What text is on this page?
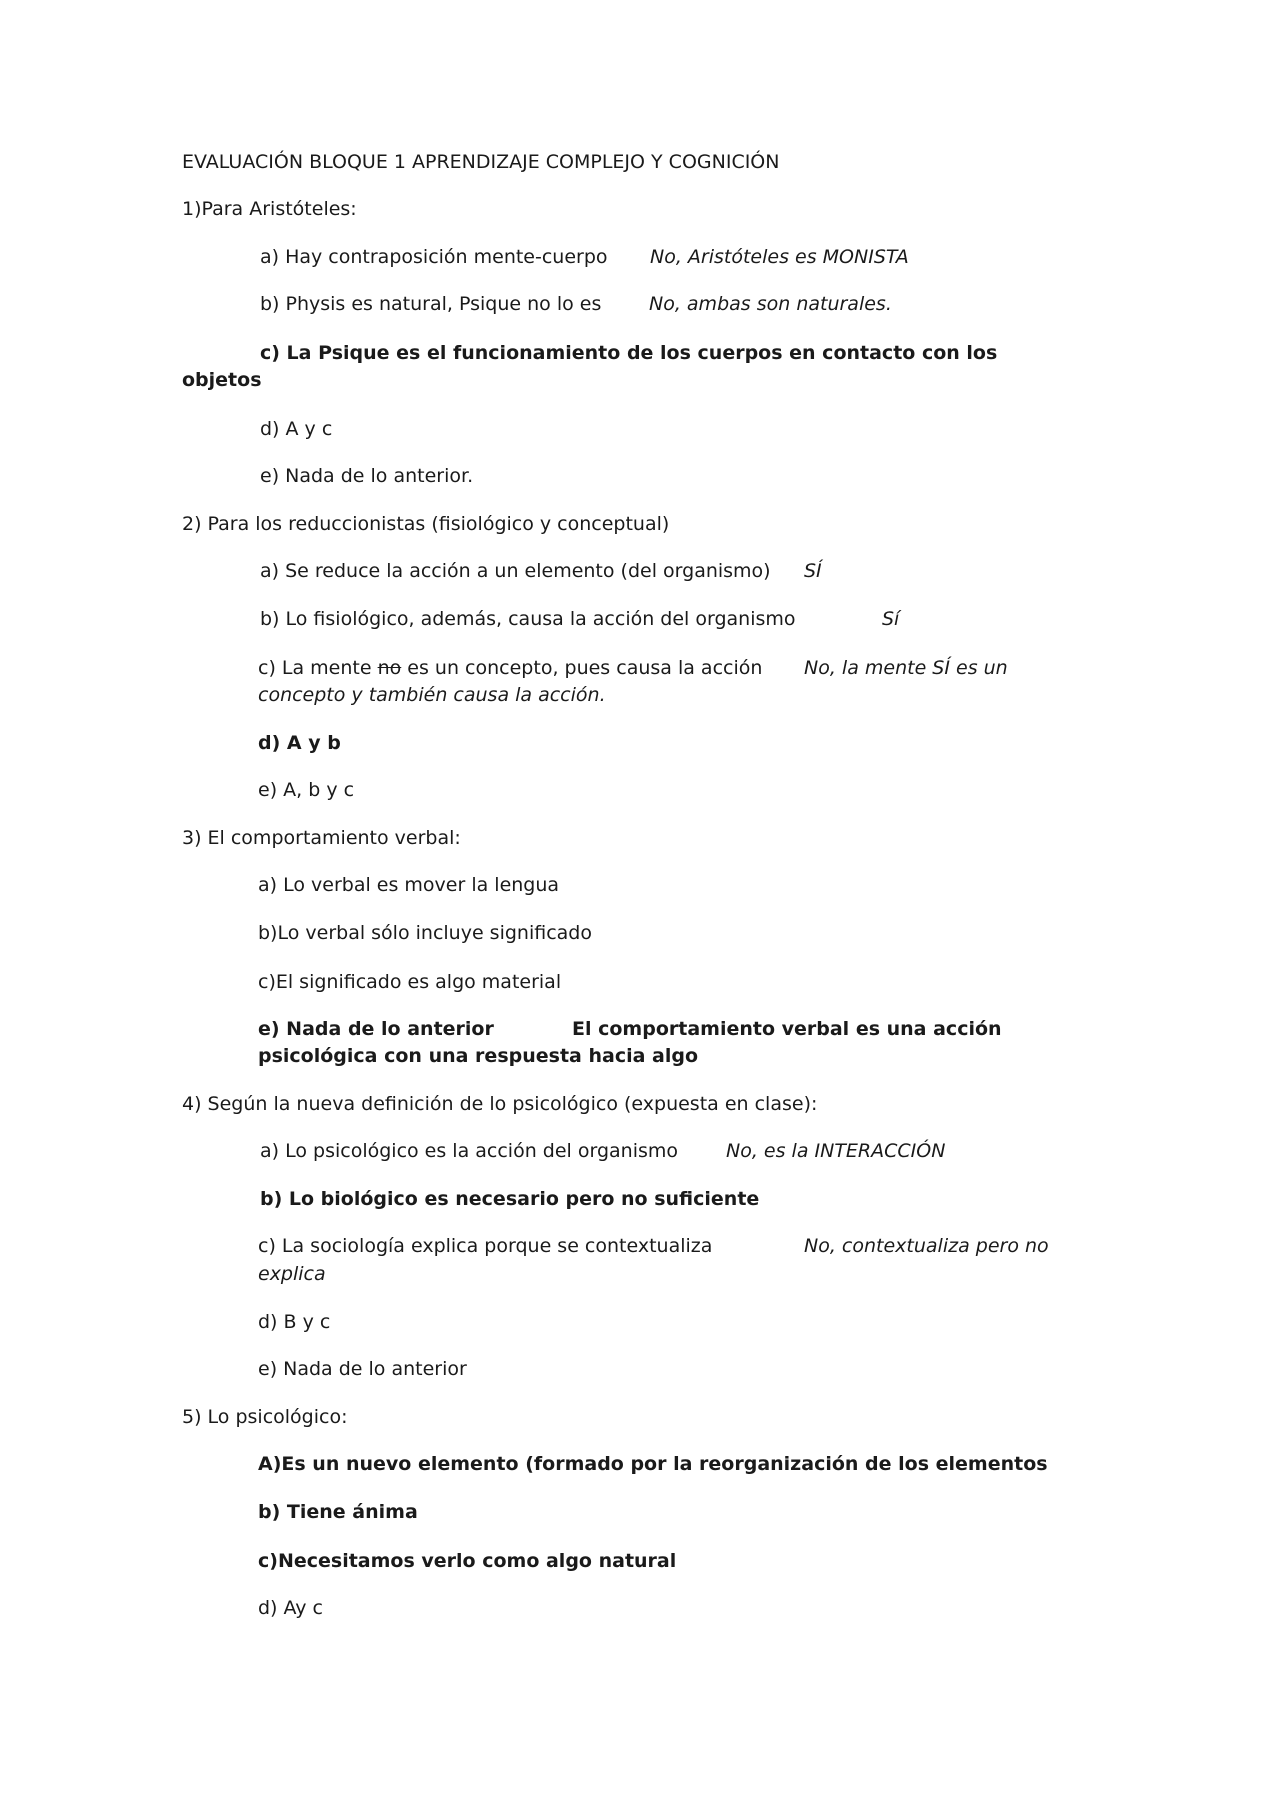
EVALUACIÓN BLOQUE 1 APRENDIZAJE COMPLEJO Y COGNICIÓN
1)Para Aristóteles:
a) Hay contraposición mente-cuerpo No, Aristóteles es MONISTA
b) Physis es natural, Psique no lo es	No, ambas son naturales.
c) La Psique es el funcionamiento de los cuerpos en contacto con los
objetos
d) A y c
e) Nada de lo anterior.
2) Para los reduccionistas (fisiológico y conceptual)
a) Se reduce la acción a un elemento (del organismo) SÍ
b) Lo fisiológico, además, causa la acción del organismo	Sí
c) La mente no es un concepto, pues causa la acción No, la mente SÍ es un
concepto y también causa la acción.
d) A y b
e) A, b y c
3) El comportamiento verbal:
a) Lo verbal es mover la lengua
b)Lo verbal sólo incluye significado
c)El significado es algo material
e) Nada de lo anterior	El comportamiento verbal es una acción
psicológica con una respuesta hacia algo
4) Según la nueva definición de lo psicológico (expuesta en clase):
a) Lo psicológico es la acción del organismo	No, es la INTERACCIÓN
b) Lo biológico es necesario pero no suficiente
c) La sociología explica porque se contextualiza	No, contextualiza pero no
explica
d) B y c
e) Nada de lo anterior
5) Lo psicológico:
A)Es un nuevo elemento (formado por la reorganización de los elementos
b) Tiene ánima
c)Necesitamos verlo como algo natural
d) Ay c
